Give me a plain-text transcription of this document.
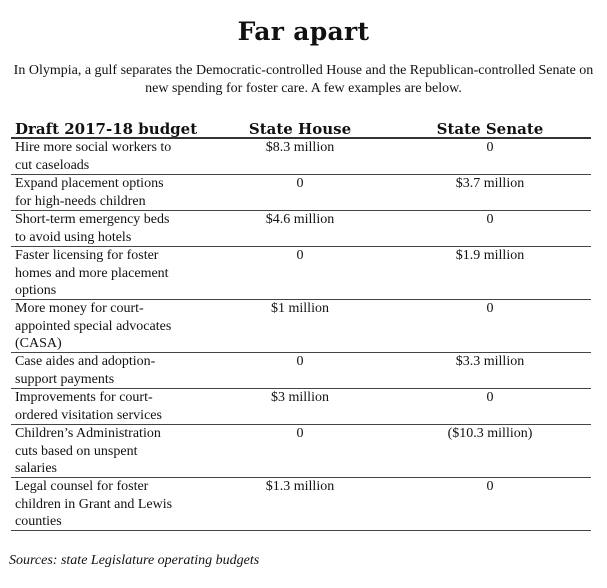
Far apart
In Olympia, a gulf separates the Democratic-controlled House and the Republican-controlled Senate on new spending for foster care. A few examples are below.
Draft 2017-18 budget	State House	State Senate
Hire more social workers to
cut caseloads
$8.3 million	0
Expand placement options
for high-needs children
0	$3.7 million
Short-term emergency beds
to avoid using hotels
$4.6 million	0
Faster licensing for foster
homes and more placement
options
0	$1.9 million
More money for court-
appointed special advocates
(CASA)
$1 million	0
Case aides and adoption-
support payments
0	$3.3 million
Improvements for court-
ordered visitation services
$3 million	0
Children’s Administration
cuts based on unspent
salaries
0	($10.3 million)
Legal counsel for foster
children in Grant and Lewis
counties
$1.3 million	0
Sources: state Legislature operating budgets
